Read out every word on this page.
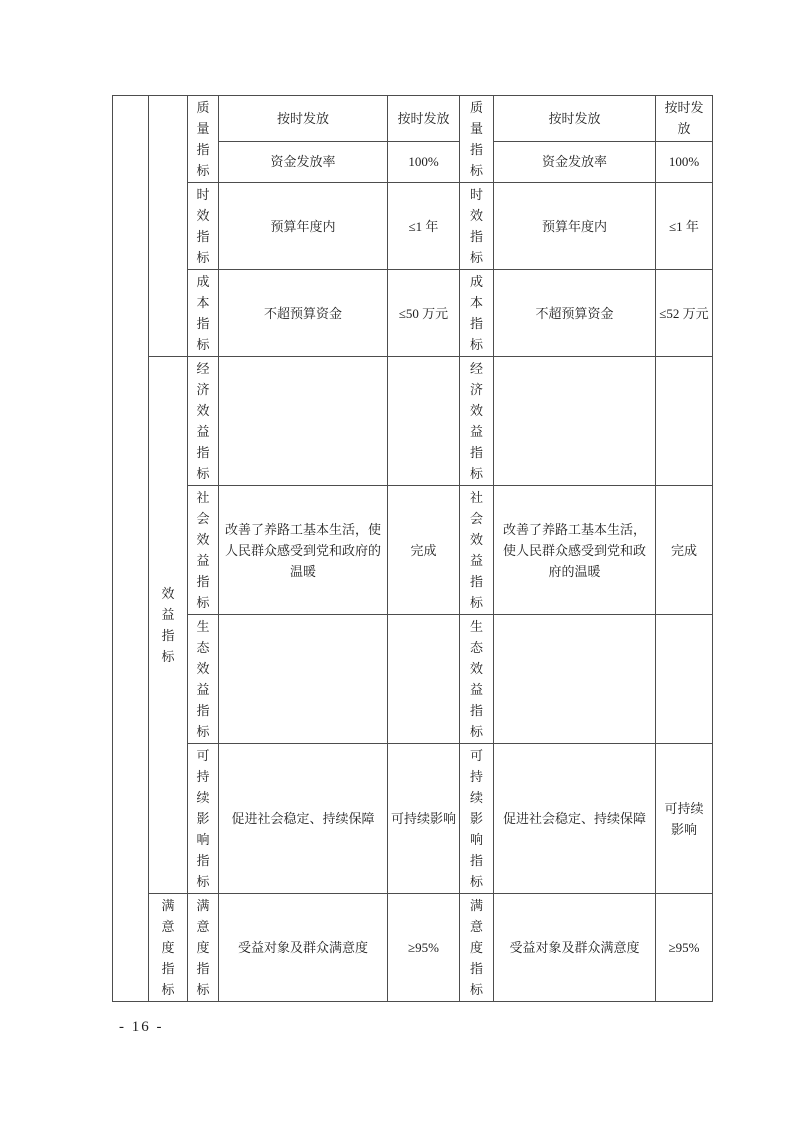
		质量指标	按时发放	按时发放	质量指标	按时发放	按时发放
			资金发放率	100%		资金发放率	100%

		时效指标	预算年度内	≤1 年	时效指标	预算年度内	≤1 年

		成本指标	不超预算资金	≤50 万元	成本指标	不超预算资金	≤52 万元

	效益指标	经济效益指标			经济效益指标		

		社会效益指标	改善了养路工基本生活，使人民群众感受到党和政府的温暖	完成	社会效益指标	改善了养路工基本生活，使人民群众感受到党和政府的温暖	完成

		生态效益指标			生态效益指标		

		可持续影响指标	促进社会稳定、持续保障	可持续影响	可持续影响指标	促进社会稳定、持续保障	可持续影响

	满意度指标	满意度指标	受益对象及群众满意度	≥95%	满意度指标	受益对象及群众满意度	≥95%
- 16 -
